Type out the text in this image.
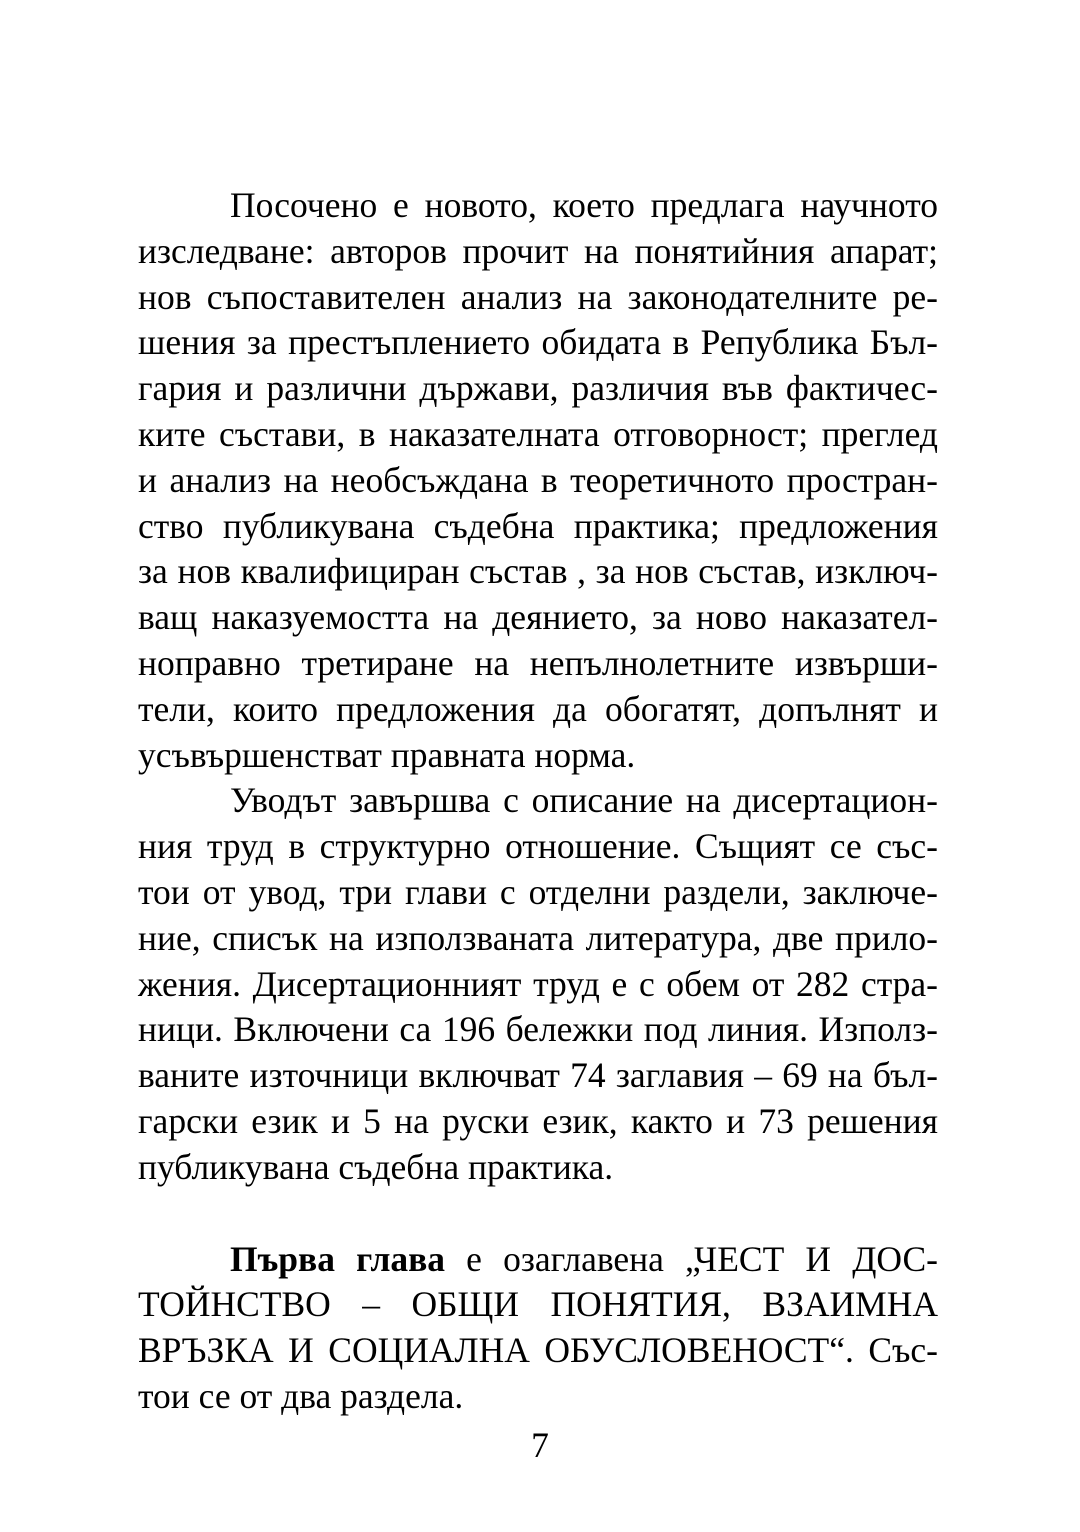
Посочено е новото, което предлага научното
изследване: авторов прочит на понятийния апарат;
нов съпоставителен анализ на законодателните ре-
шения за престъплението обидата в Република Бъл-
гария и различни държави, различия във фактичес-
ките състави, в наказателната отговорност; преглед
и анализ на необсъждана в теоретичното простран-
ство публикувана съдебна практика; предложения
за нов квалифициран състав , за нов състав, изключ-
ващ наказуемостта на деянието, за ново наказател-
ноправно третиране на непълнолетните извърши-
тели, които предложения да обогатят, допълнят и
усъвършенстват правната норма.
Уводът завършва с описание на дисертацион-
ния труд в структурно отношение. Същият се със-
тои от увод, три глави с отделни раздели, заключе-
ние, списък на използваната литература, две прило-
жения. Дисертационният труд е с обем от 282 стра-
ници. Включени са 196 бележки под линия. Използ-
ваните източници включват 74 заглавия – 69 на бъл-
гарски език и 5 на руски език, както и 73 решения
публикувана съдебна практика.
Първа глава е озаглавена „ЧЕСТ И ДОС-
ТОЙНСТВО – ОБЩИ ПОНЯТИЯ, ВЗАИМНА
ВРЪЗКА И СОЦИАЛНА ОБУСЛОВЕНОСТ“. Със-
тои се от два раздела.
7
